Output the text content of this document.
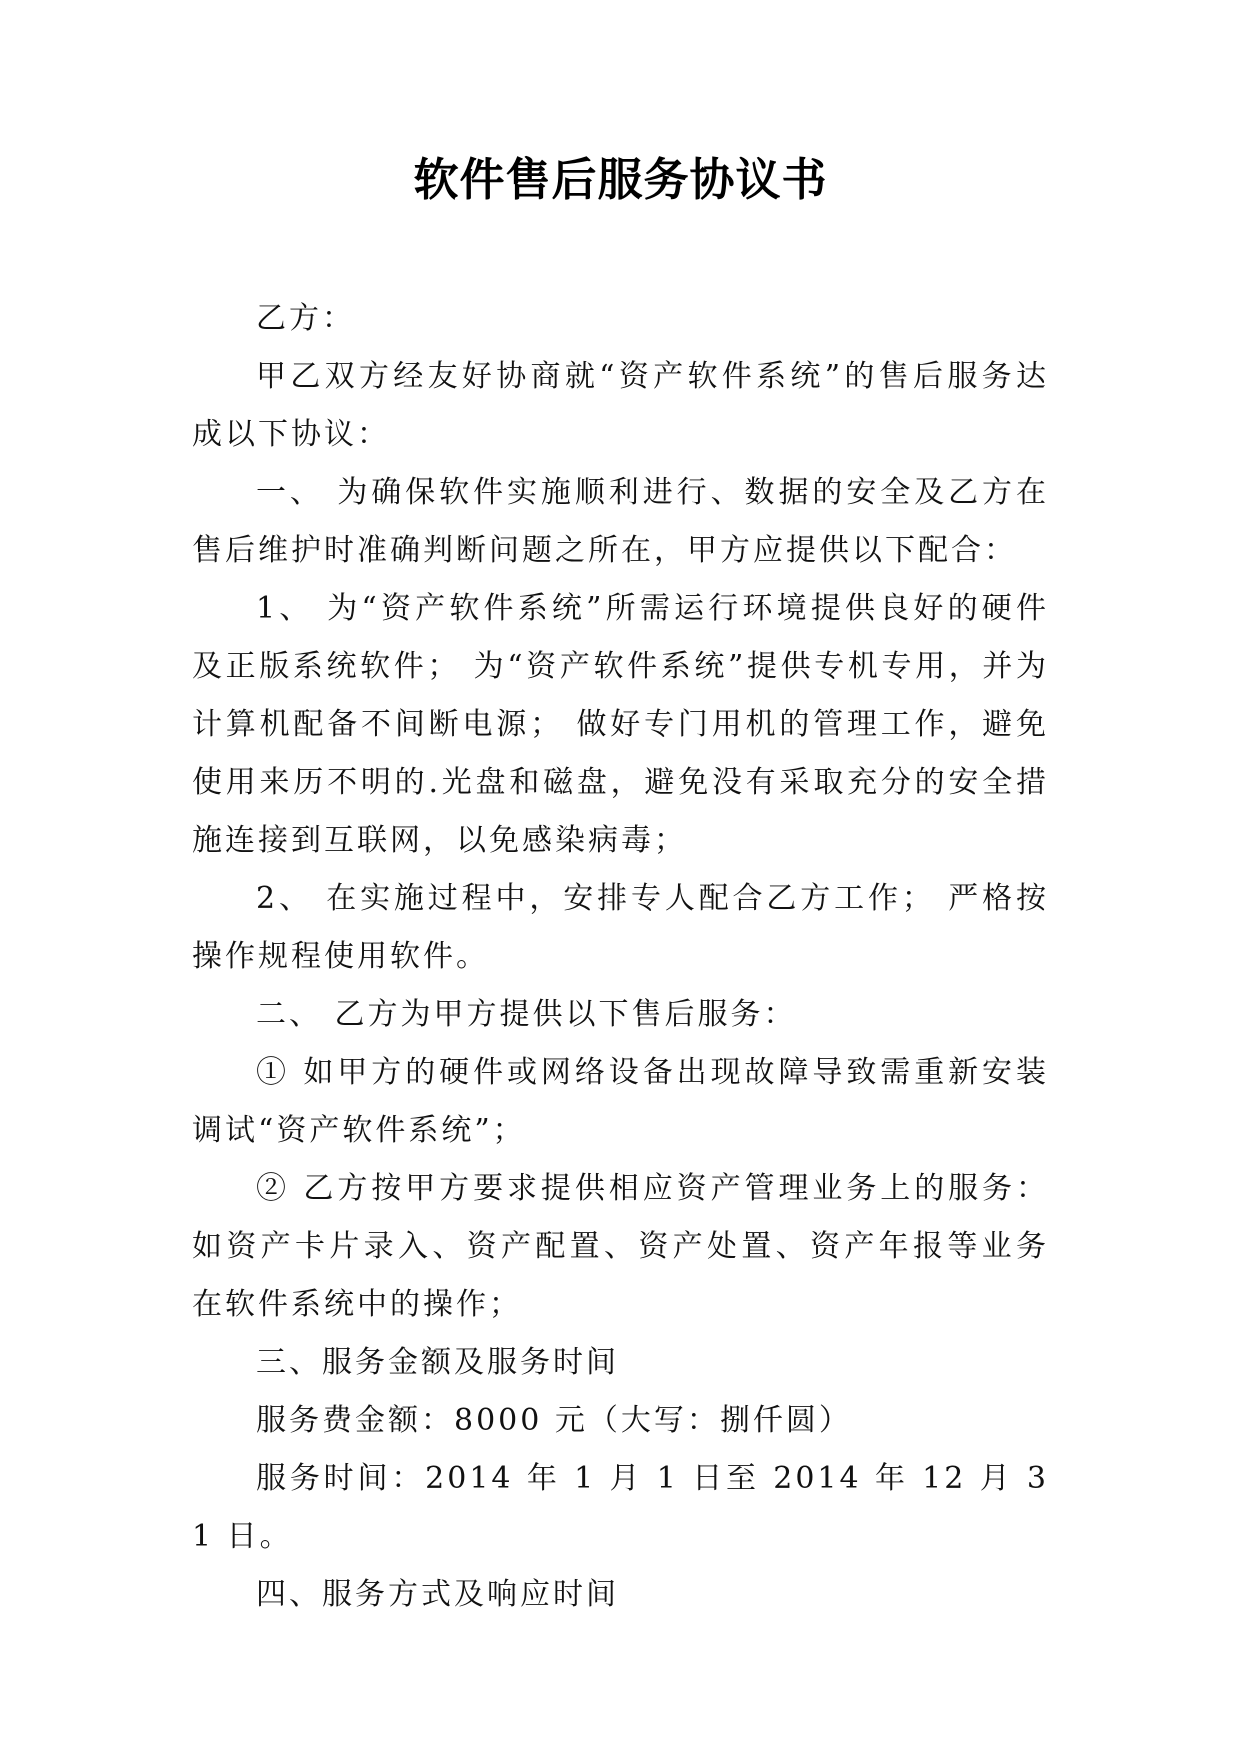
软件售后服务协议书

乙方：

甲乙双方经友好协商就“资产软件系统”的售后服务达成以下协议：

一、 为确保软件实施顺利进行、数据的安全及乙方在售后维护时准确判断问题之所在，甲方应提供以下配合：

1、 为“资产软件系统”所需运行环境提供良好的硬件及正版系统软件； 为“资产软件系统”提供专机专用，并为计算机配备不间断电源； 做好专门用机的管理工作，避免使用来历不明的.光盘和磁盘，避免没有采取充分的安全措施连接到互联网，以免感染病毒；

2、 在实施过程中，安排专人配合乙方工作； 严格按操作规程使用软件。

二、 乙方为甲方提供以下售后服务：

① 如甲方的硬件或网络设备出现故障导致需重新安装调试“资产软件系统”；

② 乙方按甲方要求提供相应资产管理业务上的服务：如资产卡片录入、资产配置、资产处置、资产年报等业务在软件系统中的操作；

三、服务金额及服务时间

服务费金额：8000 元（大写：捌仟圆）

服务时间：2014 年 1 月 1 日至 2014 年 12 月 31 日。

四、服务方式及响应时间
